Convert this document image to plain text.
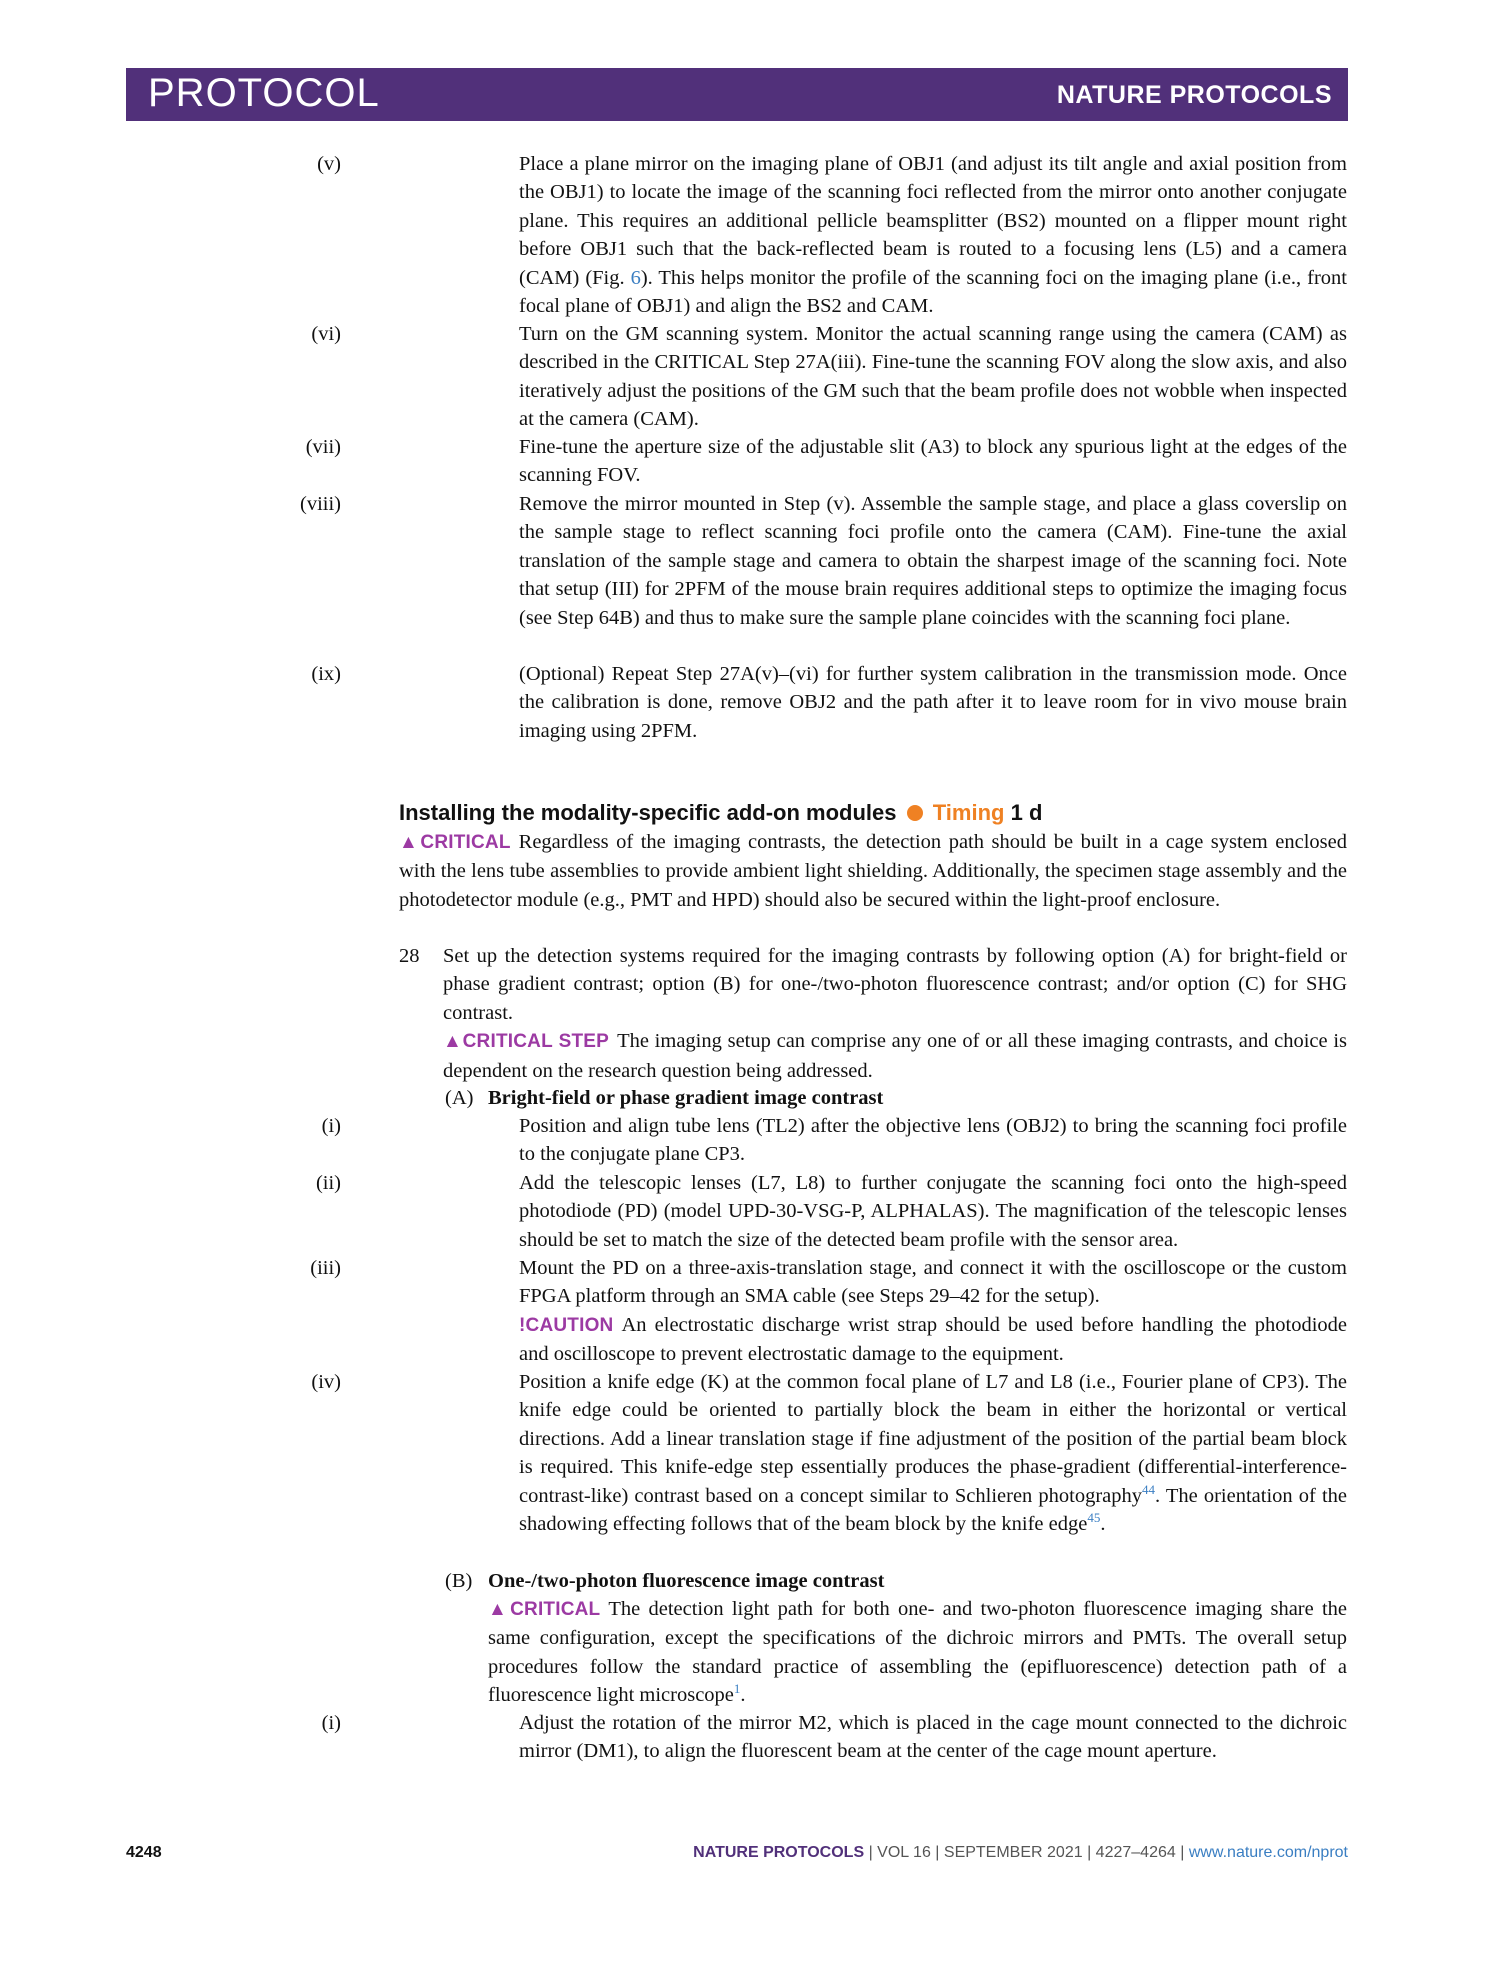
PROTOCOL	NATURE PROTOCOLS
(v)	Place a plane mirror on the imaging plane of OBJ1 (and adjust its tilt angle and axial position from the OBJ1) to locate the image of the scanning foci reflected from the mirror onto another conjugate plane. This requires an additional pellicle beamsplitter (BS2) mounted on a flipper mount right before OBJ1 such that the back-reflected beam is routed to a focusing lens (L5) and a camera (CAM) (Fig. 6). This helps monitor the profile of the scanning foci on the imaging plane (i.e., front focal plane of OBJ1) and align the BS2 and CAM.
(vi)	Turn on the GM scanning system. Monitor the actual scanning range using the camera (CAM) as described in the CRITICAL Step 27A(iii). Fine-tune the scanning FOV along the slow axis, and also iteratively adjust the positions of the GM such that the beam profile does not wobble when inspected at the camera (CAM).
(vii)	Fine-tune the aperture size of the adjustable slit (A3) to block any spurious light at the edges of the scanning FOV.
(viii)	Remove the mirror mounted in Step (v). Assemble the sample stage, and place a glass coverslip on the sample stage to reflect scanning foci profile onto the camera (CAM). Fine-tune the axial translation of the sample stage and camera to obtain the sharpest image of the scanning foci. Note that setup (III) for 2PFM of the mouse brain requires additional steps to optimize the imaging focus (see Step 64B) and thus to make sure the sample plane coincides with the scanning foci plane.
(ix)	(Optional) Repeat Step 27A(v)–(vi) for further system calibration in the transmission mode. Once the calibration is done, remove OBJ2 and the path after it to leave room for in vivo mouse brain imaging using 2PFM.
Installing the modality-specific add-on modules Timing 1 d
▲CRITICAL Regardless of the imaging contrasts, the detection path should be built in a cage system enclosed with the lens tube assemblies to provide ambient light shielding. Additionally, the specimen stage assembly and the photodetector module (e.g., PMT and HPD) should also be secured within the light-proof enclosure.
28 Set up the detection systems required for the imaging contrasts by following option (A) for bright-field or phase gradient contrast; option (B) for one-/two-photon fluorescence contrast; and/or option (C) for SHG contrast.
▲CRITICAL STEP The imaging setup can comprise any one of or all these imaging contrasts, and choice is dependent on the research question being addressed.
(A) Bright-field or phase gradient image contrast
(i)	Position and align tube lens (TL2) after the objective lens (OBJ2) to bring the scanning foci profile to the conjugate plane CP3.
(ii)	Add the telescopic lenses (L7, L8) to further conjugate the scanning foci onto the high-speed photodiode (PD) (model UPD-30-VSG-P, ALPHALAS). The magnification of the telescopic lenses should be set to match the size of the detected beam profile with the sensor area.
(iii)	Mount the PD on a three-axis-translation stage, and connect it with the oscilloscope or the custom FPGA platform through an SMA cable (see Steps 29–42 for the setup).
!CAUTION An electrostatic discharge wrist strap should be used before handling the photodiode and oscilloscope to prevent electrostatic damage to the equipment.
(iv)	Position a knife edge (K) at the common focal plane of L7 and L8 (i.e., Fourier plane of CP3). The knife edge could be oriented to partially block the beam in either the horizontal or vertical directions. Add a linear translation stage if fine adjustment of the position of the partial beam block is required. This knife-edge step essentially produces the phase-gradient (differential-interference-contrast-like) contrast based on a concept similar to Schlieren photography$^{44}$. The orientation of the shadowing effecting follows that of the beam block by the knife edge$^{45}$.
(B) One-/two-photon fluorescence image contrast
▲CRITICAL The detection light path for both one- and two-photon fluorescence imaging share the same configuration, except the specifications of the dichroic mirrors and PMTs. The overall setup procedures follow the standard practice of assembling the (epifluorescence) detection path of a fluorescence light microscope$^1$.
(i)	Adjust the rotation of the mirror M2, which is placed in the cage mount connected to the dichroic mirror (DM1), to align the fluorescent beam at the center of the cage mount aperture.
4248	NATURE PROTOCOLS | VOL 16 | SEPTEMBER 2021 | 4227–4264 | www.nature.com/nprot
